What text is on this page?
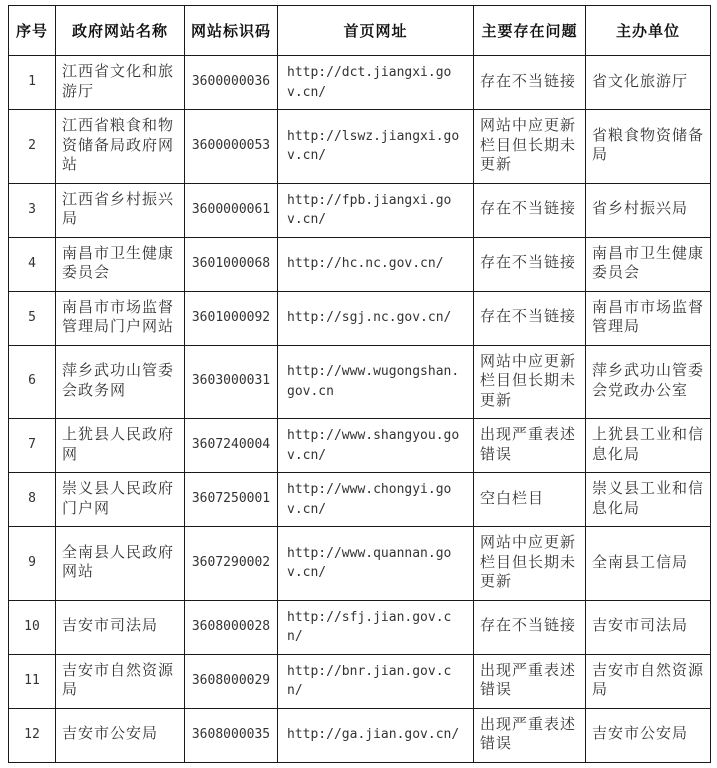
序号	政府网站名称	网站标识码	首页网址	主要存在问题	主办单位
1	江西省文化和旅游厅	3600000036	http://dct.jiangxi.gov.cn/	存在不当链接	省文化旅游厅
2	江西省粮食和物资储备局政府网站	3600000053	http://lswz.jiangxi.gov.cn/	网站中应更新栏目但长期未更新	省粮食物资储备局
3	江西省乡村振兴局	3600000061	http://fpb.jiangxi.gov.cn/	存在不当链接	省乡村振兴局
4	南昌市卫生健康委员会	3601000068	http://hc.nc.gov.cn/	存在不当链接	南昌市卫生健康委员会
5	南昌市市场监督管理局门户网站	3601000092	http://sgj.nc.gov.cn/	存在不当链接	南昌市市场监督管理局
6	萍乡武功山管委会政务网	3603000031	http://www.wugongshan.gov.cn	网站中应更新栏目但长期未更新	萍乡武功山管委会党政办公室
7	上犹县人民政府网	3607240004	http://www.shangyou.gov.cn/	出现严重表述错误	上犹县工业和信息化局
8	崇义县人民政府门户网	3607250001	http://www.chongyi.gov.cn/	空白栏目	崇义县工业和信息化局
9	全南县人民政府网站	3607290002	http://www.quannan.gov.cn/	网站中应更新栏目但长期未更新	全南县工信局
10	吉安市司法局	3608000028	http://sfj.jian.gov.cn/	存在不当链接	吉安市司法局
11	吉安市自然资源局	3608000029	http://bnr.jian.gov.cn/	出现严重表述错误	吉安市自然资源局
12	吉安市公安局	3608000035	http://ga.jian.gov.cn/	出现严重表述错误	吉安市公安局
